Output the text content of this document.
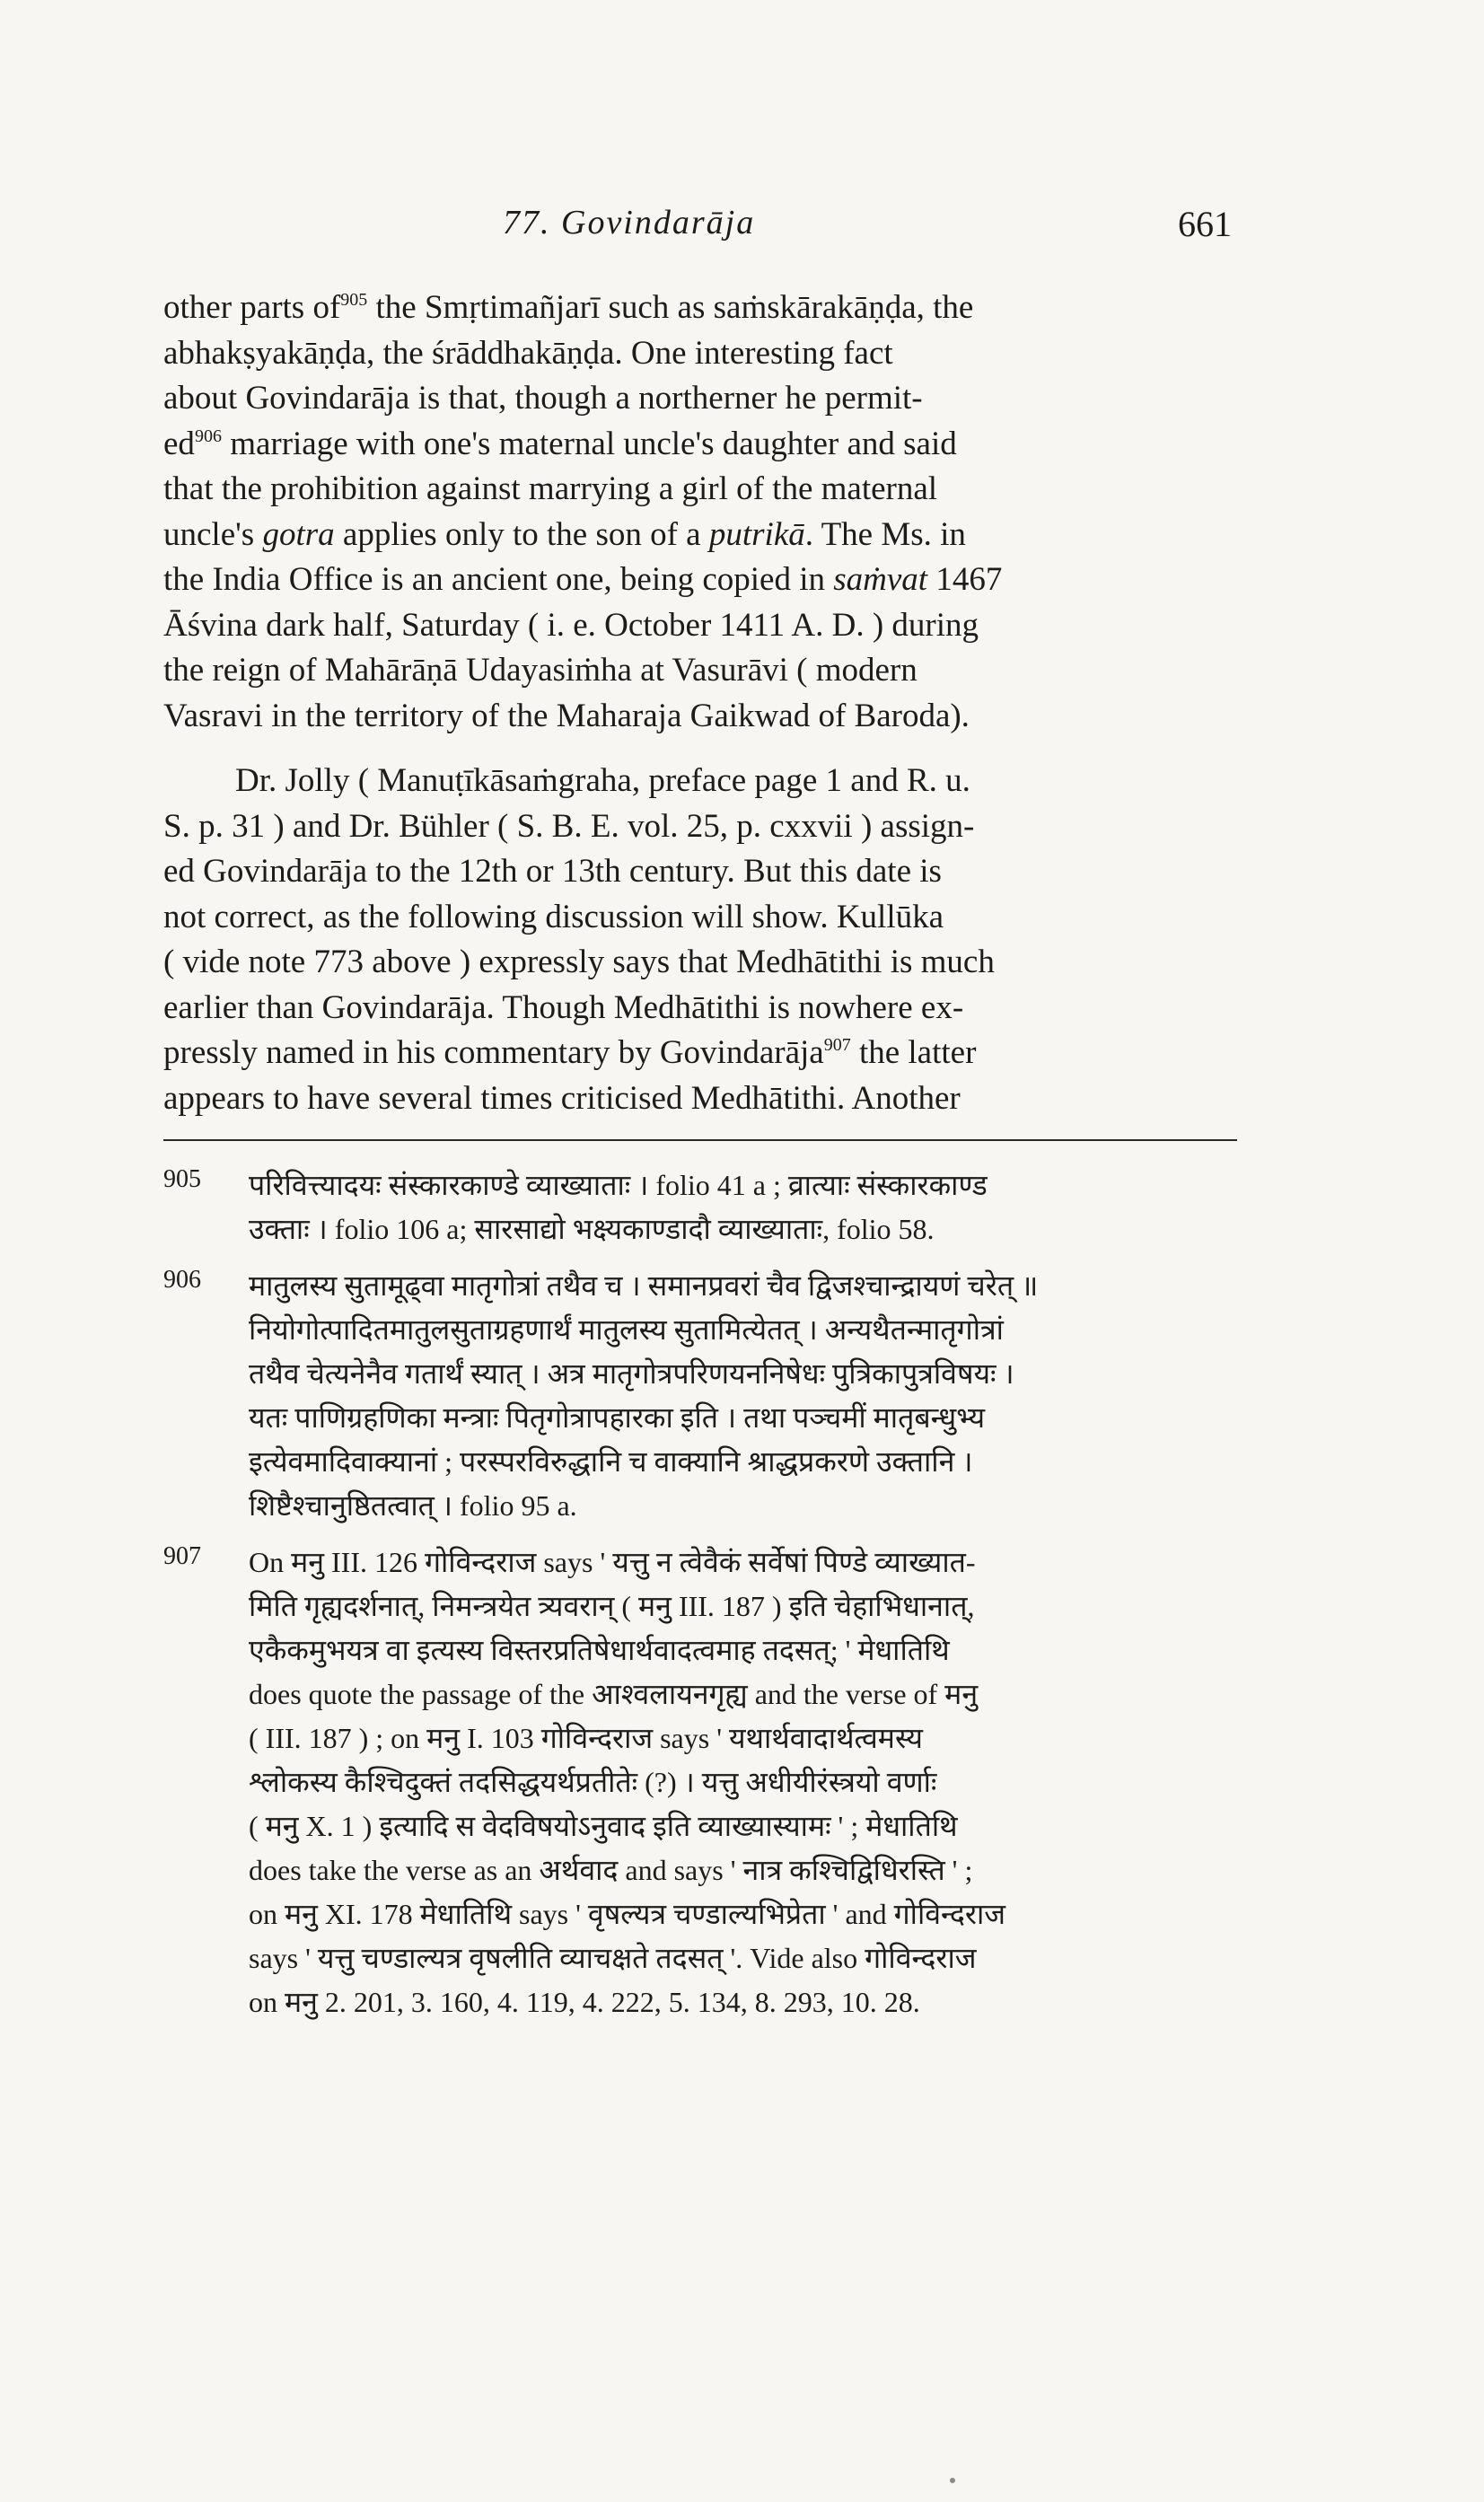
77. Govindarāja	661
other parts $of^{905}$ the Smṛtimañjarī such as saṁskārakāṇḍa, the
abhakṣyakāṇḍa, the śrāddhakāṇḍa. One interesting fact
about Govindarāja is that, though a northerner he permit-
$ed^{906}$ marriage with one's maternal uncle's daughter and said
that the prohibition against marrying a girl of the maternal
uncle's gotra applies only to the son of a putrikā. The Ms. in
the India Office is an ancient one, being copied in saṁvat 1467
Āśvina dark half, Saturday ( i. e. October 1411 A. D. ) during
the reign of Mahārāṇā Udayasiṁha at Vasurāvi ( modern
Vasravi in the territory of the Maharaja Gaikwad of Baroda).
Dr. Jolly ( Manuṭīkāsaṁgraha, preface page 1 and R. u.
S. p. 31 ) and Dr. Bühler ( S. B. E. vol. 25, p. cxxvii ) assign-
ed Govindarāja to the 12th or 13th century. But this date is
not correct, as the following discussion will show. Kullūka
( vide note 773 above ) expressly says that Medhātithi is much
earlier than Govindarāja. Though Medhātithi is nowhere ex-
pressly named in his commentary by Govindarāja$^{907}$ the latter
appears to have several times criticised Medhātithi. Another
905 परिवित्त्यादयः संस्कारकाण्डे व्याख्याताः । folio 41 a ; व्रात्याः संस्कारकाण्ड
उक्ताः । folio 106 a; सारसाद्यो भक्ष्यकाण्डादौ व्याख्याताः, folio 58.
906 मातुलस्य सुतामूढ्वा मातृगोत्रां तथैव च । समानप्रवरां चैव द्विजश्चान्द्रायणं चरेत् ॥
नियोगोत्पादितमातुलसुताग्रहणार्थं मातुलस्य सुतामित्येतत् । अन्यथैतन्मातृगोत्रां
तथैव चेत्यनेनैव गतार्थं स्यात् । अत्र मातृगोत्रपरिणयननिषेधः पुत्रिकापुत्रविषयः ।
यतः पाणिग्रहणिका मन्त्राः पितृगोत्रापहारका इति । तथा पञ्चमीं मातृबन्धुभ्य
इत्येवमादिवाक्यानां ; परस्परविरुद्धानि च वाक्यानि श्राद्धप्रकरणे उक्तानि ।
शिष्टैश्चानुष्ठितत्वात् । folio 95 a.
907 On मनु III. 126 गोविन्दराज says ' यत्तु न त्वेवैकं सर्वेषां पिण्डे व्याख्यात-
मिति गृह्यदर्शनात्, निमन्त्रयेत त्र्यवरान् ( मनु III. 187 ) इति चेहाभिधानात्,
एकैकमुभयत्र वा इत्यस्य विस्तरप्रतिषेधार्थवादत्वमाह तदसत्; ' मेधातिथि
does quote the passage of the आश्वलायनगृह्य and the verse of मनु
( III. 187 ) ; on मनु I. 103 गोविन्दराज says ' यथार्थवादार्थत्वमस्य
श्लोकस्य कैश्चिदुक्तं तदसिद्धयर्थप्रतीतेः (?) । यत्तु अधीयीरंस्त्रयो वर्णाः
( मनु X. 1 ) इत्यादि स वेदविषयोऽनुवाद इति व्याख्यास्यामः ' ; मेधातिथि
does take the verse as an अर्थवाद and says ' नात्र कश्चिद्विधिरस्ति ' ;
on मनु XI. 178 मेधातिथि says ' वृषल्यत्र चण्डाल्यभिप्रेता ' and गोविन्दराज
says ' यत्तु चण्डाल्यत्र वृषलीति व्याचक्षते तदसत् '. Vide also गोविन्दराज
on मनु 2. 201, 3. 160, 4. 119, 4. 222, 5. 134, 8. 293, 10. 28.
